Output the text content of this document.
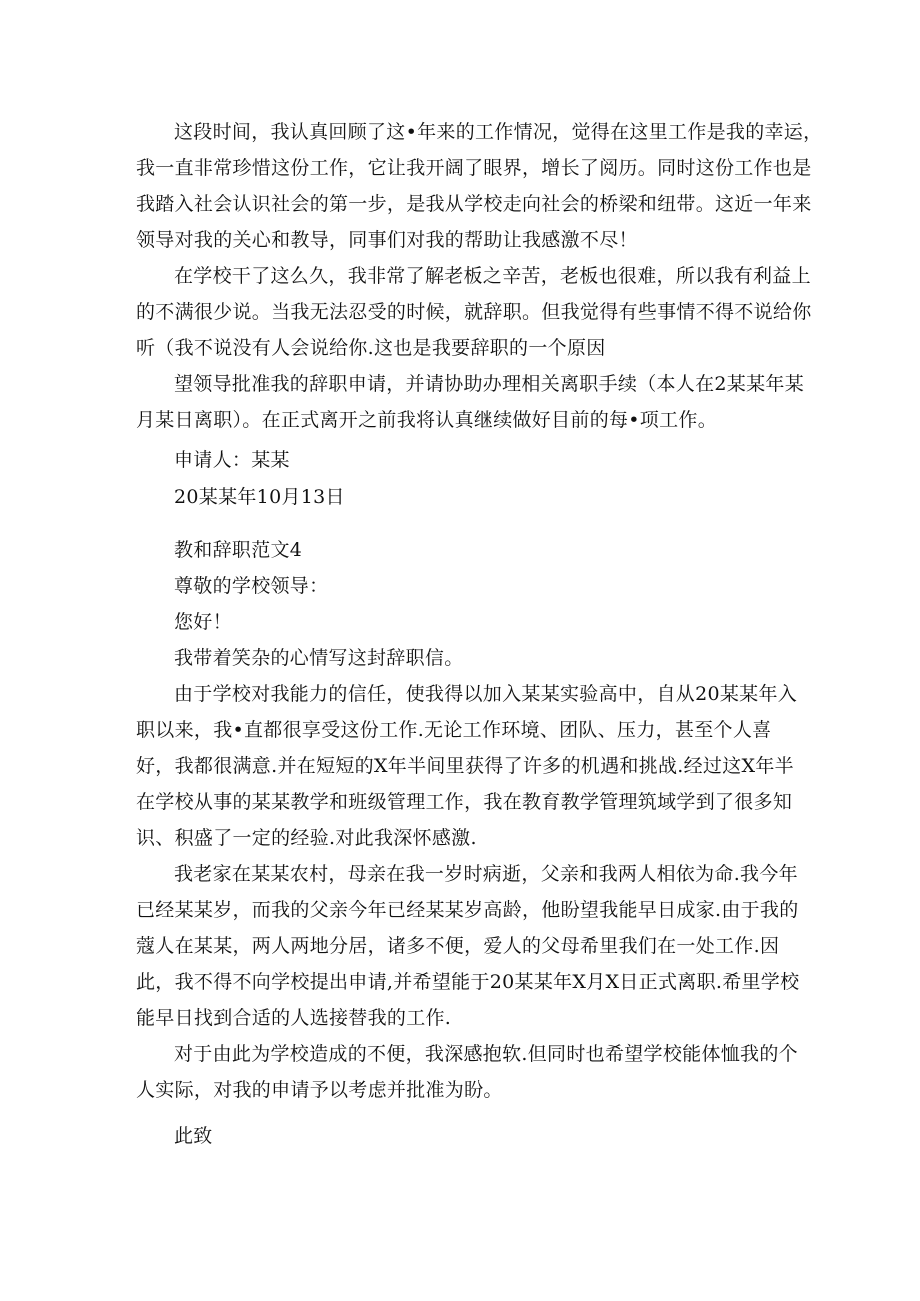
这段时间，我认真回顾了这•年来的工作情况，觉得在这里工作是我的幸运，
我一直非常珍惜这份工作，它让我开阔了眼界，增长了阅历。同时这份工作也是
我踏入社会认识社会的第一步，是我从学校走向社会的桥梁和纽带。这近一年来
领导对我的关心和教导，同事们对我的帮助让我感激不尽！
在学校干了这么久，我非常了解老板之辛苦，老板也很难，所以我有利益上
的不满很少说。当我无法忍受的时候，就辞职。但我觉得有些事情不得不说给你
听（我不说没有人会说给你.这也是我要辞职的一个原因
望领导批准我的辞职申请，并请协助办理相关离职手续（本人在2某某年某
月某日离职）。在正式离开之前我将认真继续做好目前的每•项工作。
申请人：某某
20某某年10月13日
教和辞职范文4
尊敬的学校领导：
您好！
我带着笑杂的心情写这封辞职信。
由于学校对我能力的信任，使我得以加入某某实验高中，自从20某某年入
职以来，我•直都很享受这份工作.无论工作环境、团队、压力，甚至个人喜
好，我都很满意.并在短短的X年半间里获得了许多的机遇和挑战.经过这X年半
在学校从事的某某教学和班级管理工作，我在教育教学管理筑域学到了很多知
识、积盛了一定的经验.对此我深怀感激.
我老家在某某农村，母亲在我一岁时病逝，父亲和我两人相依为命.我今年
已经某某岁，而我的父亲今年已经某某岁高龄，他盼望我能早日成家.由于我的
蔻人在某某，两人两地分居，诸多不便，爱人的父母希里我们在一处工作.因
此，我不得不向学校提出申请,并希望能于20某某年X月X日正式离职.希里学校
能早日找到合适的人选接替我的工作.
对于由此为学校造成的不便，我深感抱软.但同时也希望学校能体恤我的个
人实际，对我的申请予以考虑并批准为盼。
此致
